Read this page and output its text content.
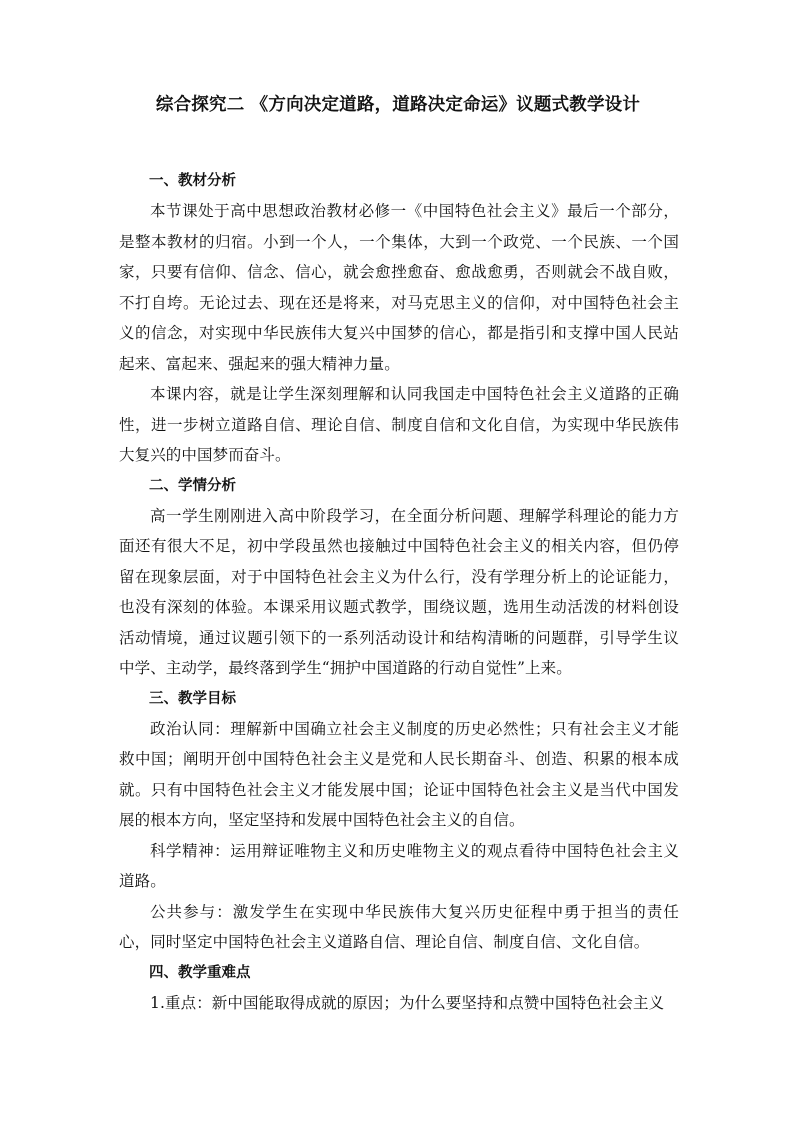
综合探究二 《方向决定道路，道路决定命运》议题式教学设计
一、教材分析

本节课处于高中思想政治教材必修一《中国特色社会主义》最后一个部分，是整本教材的归宿。小到一个人，一个集体，大到一个政党、一个民族、一个国家，只要有信仰、信念、信心，就会愈挫愈奋、愈战愈勇，否则就会不战自败，不打自垮。无论过去、现在还是将来，对马克思主义的信仰，对中国特色社会主义的信念，对实现中华民族伟大复兴中国梦的信心，都是指引和支撑中国人民站起来、富起来、强起来的强大精神力量。

本课内容，就是让学生深刻理解和认同我国走中国特色社会主义道路的正确性，进一步树立道路自信、理论自信、制度自信和文化自信，为实现中华民族伟大复兴的中国梦而奋斗。

二、学情分析

高一学生刚刚进入高中阶段学习，在全面分析问题、理解学科理论的能力方面还有很大不足，初中学段虽然也接触过中国特色社会主义的相关内容，但仍停留在现象层面，对于中国特色社会主义为什么行，没有学理分析上的论证能力，也没有深刻的体验。本课采用议题式教学，围绕议题，选用生动活泼的材料创设活动情境，通过议题引领下的一系列活动设计和结构清晰的问题群，引导学生议中学、主动学，最终落到学生“拥护中国道路的行动自觉性”上来。

三、教学目标

政治认同：理解新中国确立社会主义制度的历史必然性；只有社会主义才能救中国；阐明开创中国特色社会主义是党和人民长期奋斗、创造、积累的根本成就。只有中国特色社会主义才能发展中国；论证中国特色社会主义是当代中国发展的根本方向，坚定坚持和发展中国特色社会主义的自信。

科学精神：运用辩证唯物主义和历史唯物主义的观点看待中国特色社会主义道路。

公共参与：激发学生在实现中华民族伟大复兴历史征程中勇于担当的责任心，同时坚定中国特色社会主义道路自信、理论自信、制度自信、文化自信。

四、教学重难点

1.重点：新中国能取得成就的原因；为什么要坚持和点赞中国特色社会主义
